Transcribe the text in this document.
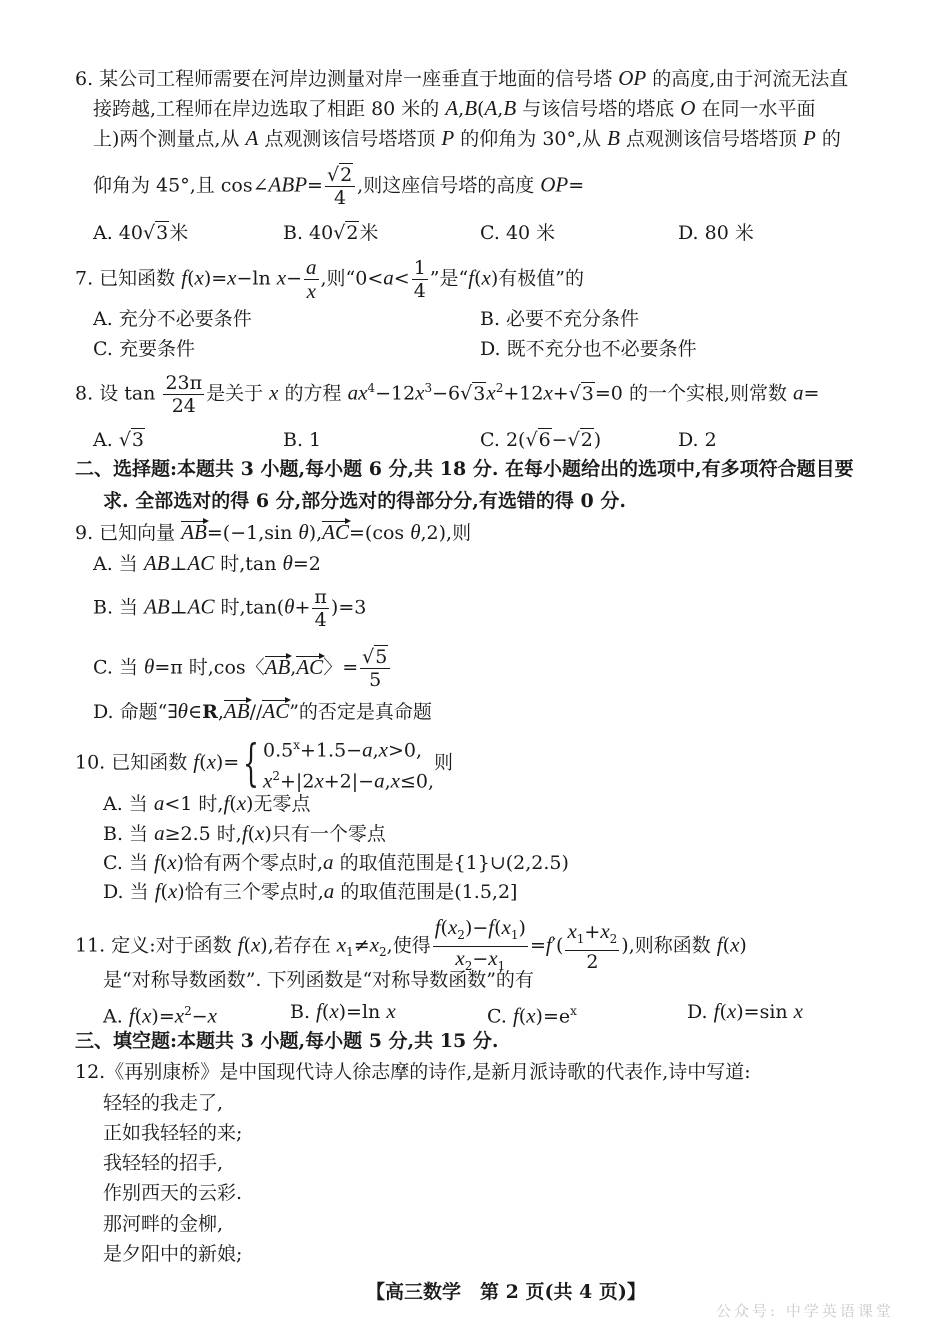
6. 某公司工程师需要在河岸边测量对岸一座垂直于地面的信号塔 OP 的高度,由于河流无法直
接跨越,工程师在岸边选取了相距 80 米的 A,B(A,B 与该信号塔的塔底 O 在同一水平面
上)两个测量点,从 A 点观测该信号塔塔顶 P 的仰角为 30°,从 B 点观测该信号塔塔顶 P 的
仰角为 45°,且 cos∠ABP= $\frac{√2}{4}$ ,则这座信号塔的高度 OP=
A. 40√3米	B. 40√2米	C. 40 米	D. 80 米
7. 已知函数 f(x)=x−ln $x- \frac{a}{x}$ ,则“$0<a< \frac{1}{4}$ ”是“f(x)有极值”的
A. 充分不必要条件	B. 必要不充分条件
C. 充要条件	D. 既不充分也不必要条件
8. 设 $\tan \frac{23\pi}{24}$ 是关于 x 的方程 $ax^4-12x^3-6√3x^2+12x+√3=0$ 的一个实根,则常数 a=
A. √3	B. 1	C. 2(√6−√2)	D. 2
二、选择题:本题共 3 小题,每小题 6 分,共 18 分. 在每小题给出的选项中,有多项符合题目要
求. 全部选对的得 6 分,部分选对的得部分分,有选错的得 0 分.
9. 已知向量 AB=(−1,sin θ),AC=(cos θ,2),则
A. 当 AB⊥AC 时,tan θ=2
B. 当 AB⊥AC 时$,\tan(\theta+ \frac{\pi}{4} )=3$
C. 当 θ=π 时,cos〈AB,AC〉= $\frac{√5}{5}$
D. 命题“∃θ∈R,AB//AC”的否定是真命题
10. 已知函数 f(x)= { $0.5^x+1.5-a,x>0$,
$x^2+|2x+2|-a,x\le 0$,
则
A. 当 a<1 时,f(x)无零点
B. 当 a≥2.5 时,f(x)只有一个零点
C. 当 f(x)恰有两个零点时,a 的取值范围是{1}∪(2,2.5)
D. 当 f(x)恰有三个零点时,a 的取值范围是(1.5,2]
11. 定义:对于函数 f(x),若存在 $x_1\ne x_2$,使得 $\frac{f(x_2)-f(x_1)}{x_2-x_1} =f'( \frac{x_1+x_2}{2}$ ),则称函数 f(x)
是“对称导数函数”. 下列函数是“对称导数函数”的有
A. $f(x)=x^2-x$	B. f(x)=ln x	C. $f(x)=e^x$	D. f(x)=sin x
三、填空题:本题共 3 小题,每小题 5 分,共 15 分.
12.《再别康桥》是中国现代诗人徐志摩的诗作,是新月派诗歌的代表作,诗中写道:
轻轻的我走了,
正如我轻轻的来;
我轻轻的招手,
作别西天的云彩.
那河畔的金柳,
是夕阳中的新娘;
【高三数学　第 2 页(共 4 页)】
公众号: 中学英语课堂
